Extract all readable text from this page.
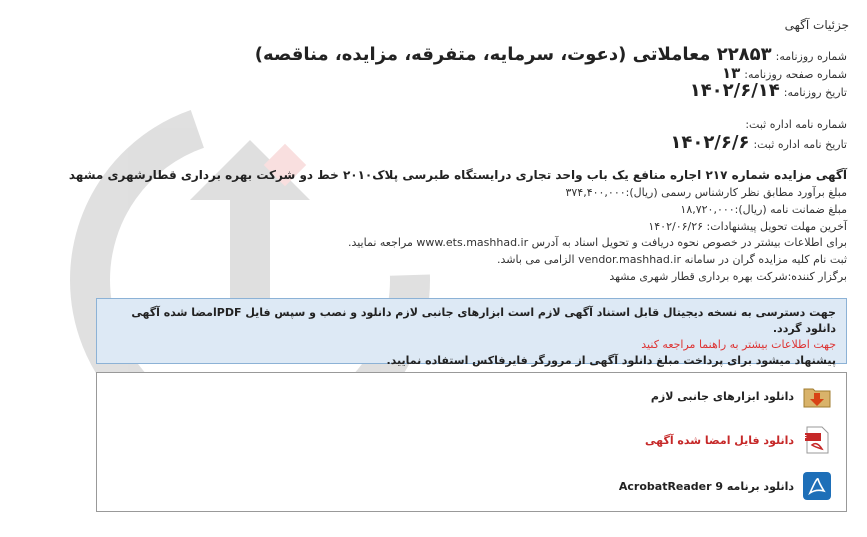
جزئیات آگهی
شماره روزنامه:۲۲۸۵۳ معاملاتی (دعوت، سرمایه، متفرقه، مزایده، مناقصه)
شماره صفحه روزنامه:۱۳
تاریخ روزنامه:۱۴۰۲/۶/۱۴
شماره نامه اداره ثبت:
تاریخ نامه اداره ثبت:۱۴۰۲/۶/۶
آگهی مزایده شماره ۲۱۷ اجاره منافع یک باب واحد تجاری درایستگاه طبرسی پلاک۲۰۱۰ خط دو شرکت بهره برداری قطارشهری مشهد
مبلغ برآورد مطابق نظر کارشناس رسمی (ریال):۳۷۴,۴۰۰,۰۰۰
مبلغ ضمانت نامه (ریال):۱۸,۷۲۰,۰۰۰
آخرین مهلت تحویل پیشنهادات: ۱۴۰۲/۰۶/۲۶
برای اطلاعات بیشتر در خصوص نحوه دریافت و تحویل اسناد به آدرس www.ets.mashhad.ir مراجعه نمایید.
ثبت نام کلیه مزایده گران در سامانه vendor.mashhad.ir الزامی می باشد.
برگزار کننده:شرکت بهره برداری قطار شهری مشهد
جهت دسترسی به نسخه دیجیتال قابل استناد آگهی لازم است ابزارهای جانبی لازم دانلود و نصب و سپس فایل PDFامضا شده آگهی دانلود گردد.
جهت اطلاعات بیشتر به راهنما مراجعه کنید
پیشنهاد میشود برای پرداخت مبلغ دانلود آگهی از مرورگر فایرفاکس استفاده نمایید.
دانلود ابزارهای جانبی لازم
PDF
دانلود فایل امضا شده آگهی
دانلود برنامه AcrobatReader 9
